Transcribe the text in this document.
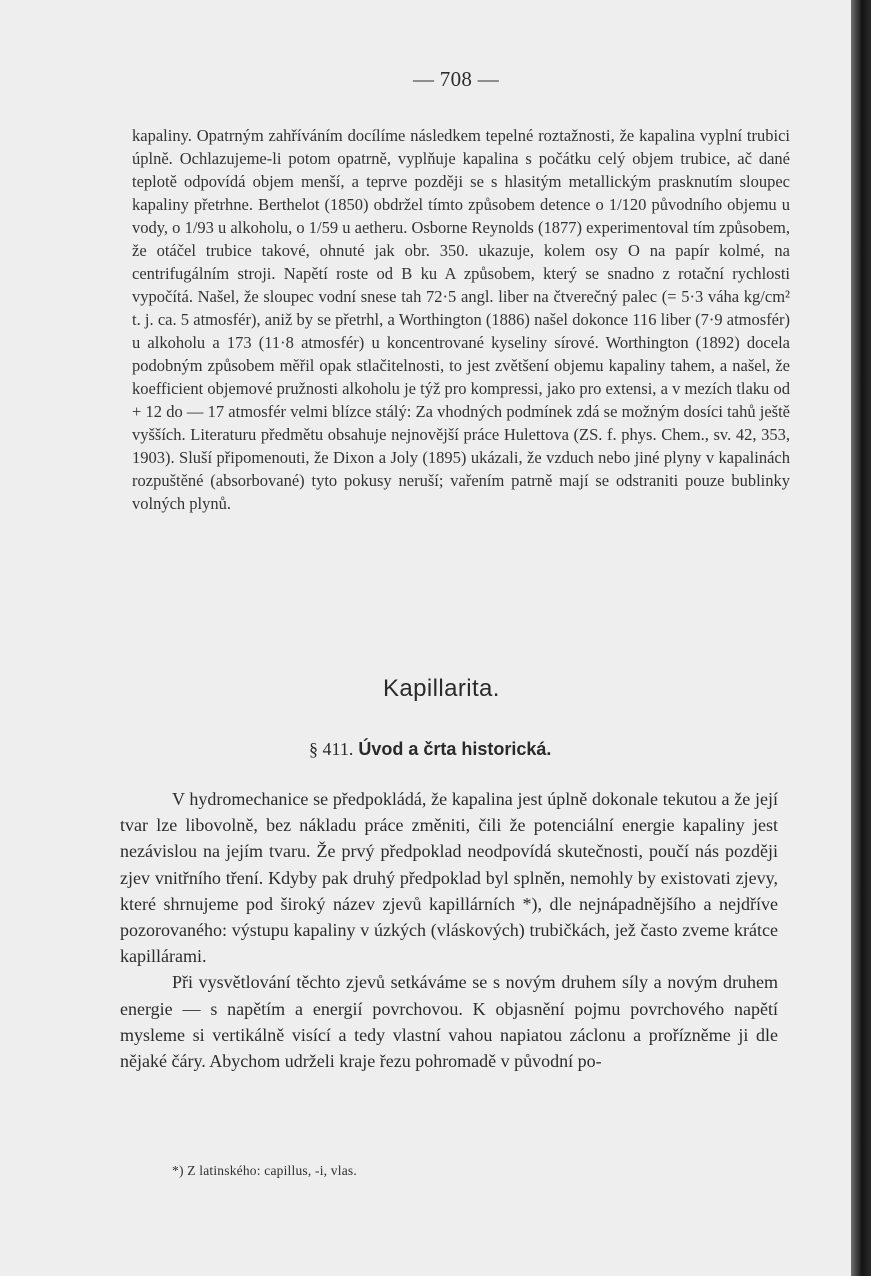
— 708 —

kapaliny. Opatrným zahříváním docílíme následkem tepelné roztažnosti, že kapalina vyplní trubici úplně. Ochlazujeme-li potom opatrně, vyplňuje kapalina s počátku celý objem trubice, ač dané teplotě odpovídá objem menší, a teprve později se s hlasitým metallickým prasknutím sloupec kapaliny přetrhne. Berthelot (1850) obdržel tímto způsobem detence o 1/120 původního objemu u vody, o 1/93 u alkoholu, o 1/59 u aetheru. Osborne Reynolds (1877) experimentoval tím způsobem, že otáčel trubice takové, ohnuté jak obr. 350. ukazuje, kolem osy O na papír kolmé, na centrifugálním stroji. Napětí roste od B ku A způsobem, který se snadno z rotační rychlosti vypočítá. Našel, že sloupec vodní snese tah 72·5 angl. liber na čtverečný palec (= 5·3 váha kg/cm² t. j. ca. 5 atmosfér), aniž by se přetrhl, a Worthington (1886) našel dokonce 116 liber (7·9 atmosfér) u alkoholu a 173 (11·8 atmosfér) u koncentrované kyseliny sírové. Worthington (1892) docela podobným způsobem měřil opak stlačitelnosti, to jest zvětšení objemu kapaliny tahem, a našel, že koefficient objemové pružnosti alkoholu je týž pro kompressi, jako pro extensi, a v mezích tlaku od + 12 do — 17 atmosfér velmi blízce stálý: Za vhodných podmínek zdá se možným dosíci tahů ještě vyšších. Literaturu předmětu obsahuje nejnovější práce Hulettova (ZS. f. phys. Chem., sv. 42, 353, 1903). Sluší připomenouti, že Dixon a Joly (1895) ukázali, že vzduch nebo jiné plyny v kapalinách rozpuštěné (absorbované) tyto pokusy neruší; vařením patrně mají se odstraniti pouze bublinky volných plynů.

Kapillarita.
§ 411. Úvod a črta historická.

V hydromechanice se předpokládá, že kapalina jest úplně dokonale tekutou a že její tvar lze libovolně, bez nákladu práce změniti, čili že potenciální energie kapaliny jest nezávislou na jejím tvaru. Že prvý předpoklad neodpovídá skutečnosti, poučí nás později zjev vnitřního tření. Kdyby pak druhý předpoklad byl splněn, nemohly by existovati zjevy, které shrnujeme pod široký název zjevů kapillárních *), dle nejnápadnějšího a nejdříve pozorovaného: výstupu kapaliny v úzkých (vláskových) trubičkách, jež často zveme krátce kapillárami.

Při vysvětlování těchto zjevů setkáváme se s novým druhem síly a novým druhem energie — s napětím a energií povrchovou. K objasnění pojmu povrchového napětí mysleme si vertikálně visící a tedy vlastní vahou napiatou záclonu a prořízněme ji dle nějaké čáry. Abychom udrželi kraje řezu pohromadě v původní po-

*) Z latinského: capillus, -i, vlas.
